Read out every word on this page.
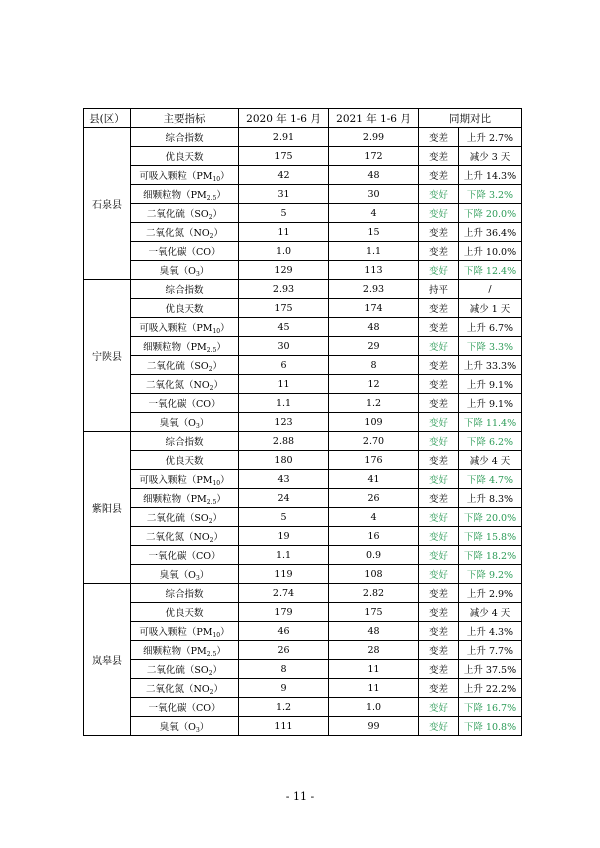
县(区）	主要指标	2020 年 1-6 月	2021 年 1-6 月	同期对比	
石泉县	综合指数	2.91	2.99	变差	上升 2.7%
	优良天数	175	172	变差	减少 3 天
	可吸入颗粒$(PM_{10})$	42	48	变差	上升 14.3%
	细颗粒物$(PM_{2.5})$	31	30	变好	下降 3.2%
	二氧化硫$(SO_2)$	5	4	变好	下降 20.0%
	二氧化氮$(NO_2)$	11	15	变差	上升 36.4%
	一氧化碳（CO）	1.0	1.1	变差	上升 10.0%
	臭氧$(O_3)$	129	113	变好	下降 12.4%
宁陕县	综合指数	2.93	2.93	持平	/
	优良天数	175	174	变差	减少 1 天
	可吸入颗粒$(PM_{10})$	45	48	变差	上升 6.7%
	细颗粒物$(PM_{2.5})$	30	29	变好	下降 3.3%
	二氧化硫$(SO_2)$	6	8	变差	上升 33.3%
	二氧化氮$(NO_2)$	11	12	变差	上升 9.1%
	一氧化碳（CO）	1.1	1.2	变差	上升 9.1%
	臭氧$(O_3)$	123	109	变好	下降 11.4%
紫阳县	综合指数	2.88	2.70	变好	下降 6.2%
	优良天数	180	176	变差	减少 4 天
	可吸入颗粒$(PM_{10})$	43	41	变好	下降 4.7%
	细颗粒物$(PM_{2.5})$	24	26	变差	上升 8.3%
	二氧化硫$(SO_2)$	5	4	变好	下降 20.0%
	二氧化氮$(NO_2)$	19	16	变好	下降 15.8%
	一氧化碳（CO）	1.1	0.9	变好	下降 18.2%
	臭氧$(O_3)$	119	108	变好	下降 9.2%
岚皋县	综合指数	2.74	2.82	变差	上升 2.9%
	优良天数	179	175	变差	减少 4 天
	可吸入颗粒$(PM_{10})$	46	48	变差	上升 4.3%
	细颗粒物$(PM_{2.5})$	26	28	变差	上升 7.7%
	二氧化硫$(SO_2)$	8	11	变差	上升 37.5%
	二氧化氮$(NO_2)$	9	11	变差	上升 22.2%
	一氧化碳（CO）	1.2	1.0	变好	下降 16.7%
	臭氧$(O_3)$	111	99	变好	下降 10.8%
- 11 -
